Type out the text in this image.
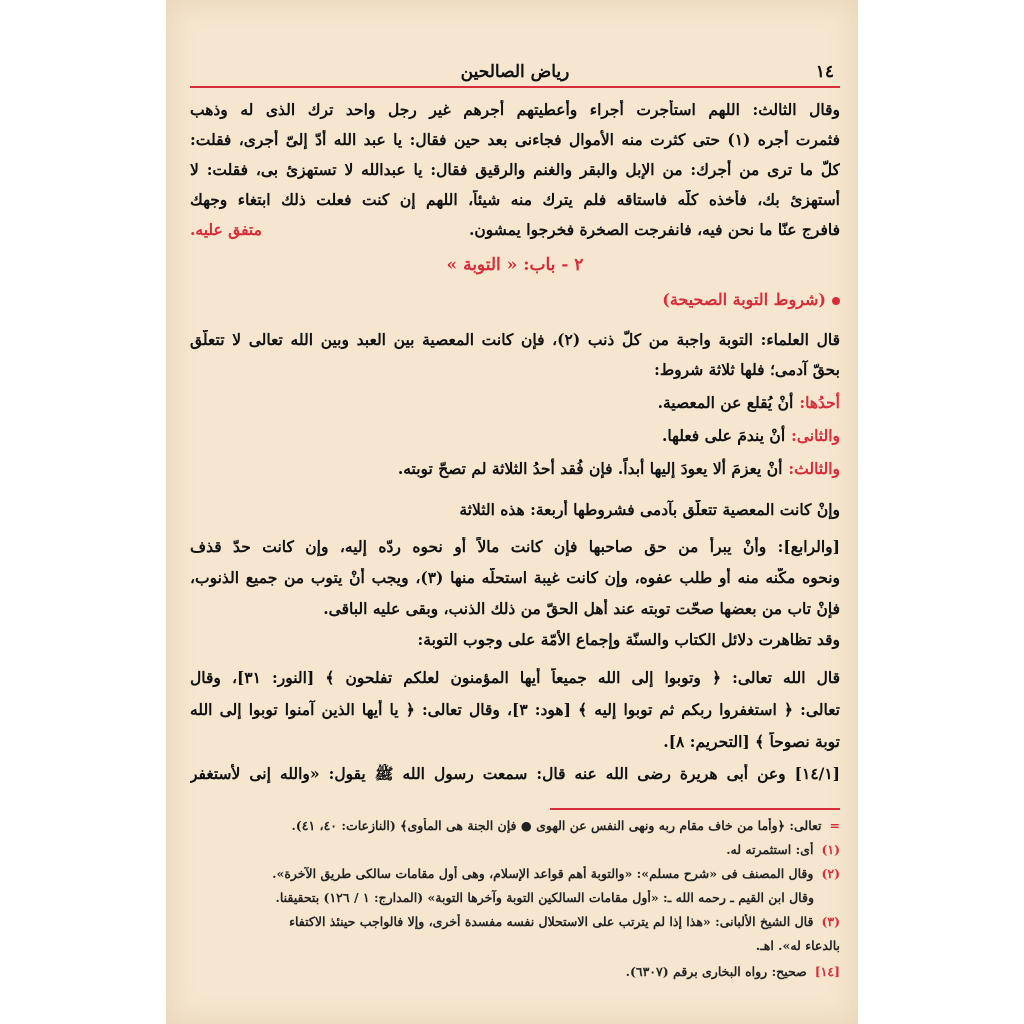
١٤
رياض الصالحين
وقال الثالث: اللهم استأجرت أجراء وأعطيتهم أجرهم غير رجل واحد ترك الذى له وذهب
فثمرت أجره (١) حتى كثرت منه الأموال فجاءنى بعد حين فقال: يا عبد الله أدّ إلىّ أجرى، فقلت:
كلّ ما ترى من أجرك: من الإبل والبقر والغنم والرقيق فقال: يا عبدالله لا تستهزئ بى، فقلت: لا
أستهزئ بك، فأخذه كلّه فاستاقه فلم يترك منه شيئاً، اللهم إن كنت فعلت ذلك ابتغاء وجهك
فافرج عنّا ما نحن فيه، فانفرجت الصخرة فخرجوا يمشون.
متفق عليه.
٢ - باب: « التوبة »
(شروط التوبة الصحيحة)
قال العلماء: التوبة واجبة من كلّ ذنب (٢)، فإن كانت المعصية بين العبد وبين الله تعالى لا تتعلّق
بحقّ آدمى؛ فلها ثلاثة شروط:
أحدُها:أنْ يُقلع عن المعصية.
والثانى:أنْ يندمَ على فعلها.
والثالث:أنْ يعزمَ ألا يعودَ إليها أبداً. فإن فُقد أحدُ الثلاثة لم تصحّ توبته.
وإنْ كانت المعصية تتعلّق بآدمى فشروطها أربعة: هذه الثلاثة
[والرابع]: وأنْ يبرأ من حق صاحبها فإن كانت مالاً أو نحوه ردّه إليه، وإن كانت حدّ قذف
ونحوه مكّنه منه أو طلب عفوه، وإن كانت غيبة استحلّه منها (٣)، ويجب أنْ يتوب من جميع الذنوب،
فإنْ تاب من بعضها صحّت توبته عند أهل الحقّ من ذلك الذنب، وبقى عليه الباقى.
وقد تظاهرت دلائل الكتاب والسنّة وإجماع الأمّة على وجوب التوبة:
قال الله تعالى: ﴿ وتوبوا إلى الله جميعاً أيها المؤمنون لعلكم تفلحون ﴾ [النور: ٣١]، وقال
تعالى: ﴿ استغفروا ربكم ثم توبوا إليه ﴾ [هود: ٣]، وقال تعالى: ﴿ يا أيها الذين آمنوا توبوا إلى الله
توبة نصوحاً ﴾ [التحريم: ٨].
[١٤/١] وعن أبى هريرة رضى الله عنه قال: سمعت رسول الله ﷺ يقول: «والله إنى لأستغفر
=تعالى: ﴿وأما من خاف مقام ربه ونهى النفس عن الهوى ● فإن الجنة هى المأوى﴾ (النازعات: ٤٠، ٤١).
(١)أى: استثمرته له.
(٢)وقال المصنف فى «شرح مسلم»: «والتوبة أهم قواعد الإسلام، وهى أول مقامات سالكى طريق الآخرة».
وقال ابن القيم ـ رحمه الله ـ: «أول مقامات السالكين التوبة وآخرها التوبة» (المدارج: ١ / ١٢٦) بتحقيقنا.
(٣)قال الشيخ الألبانى: «هذا إذا لم يترتب على الاستحلال نفسه مفسدة أخرى، وإلا فالواجب حينئذ الاكتفاء
بالدعاء له». اهـ.
[١٤]صحيح: رواه البخارى برقم (٦٣٠٧).
